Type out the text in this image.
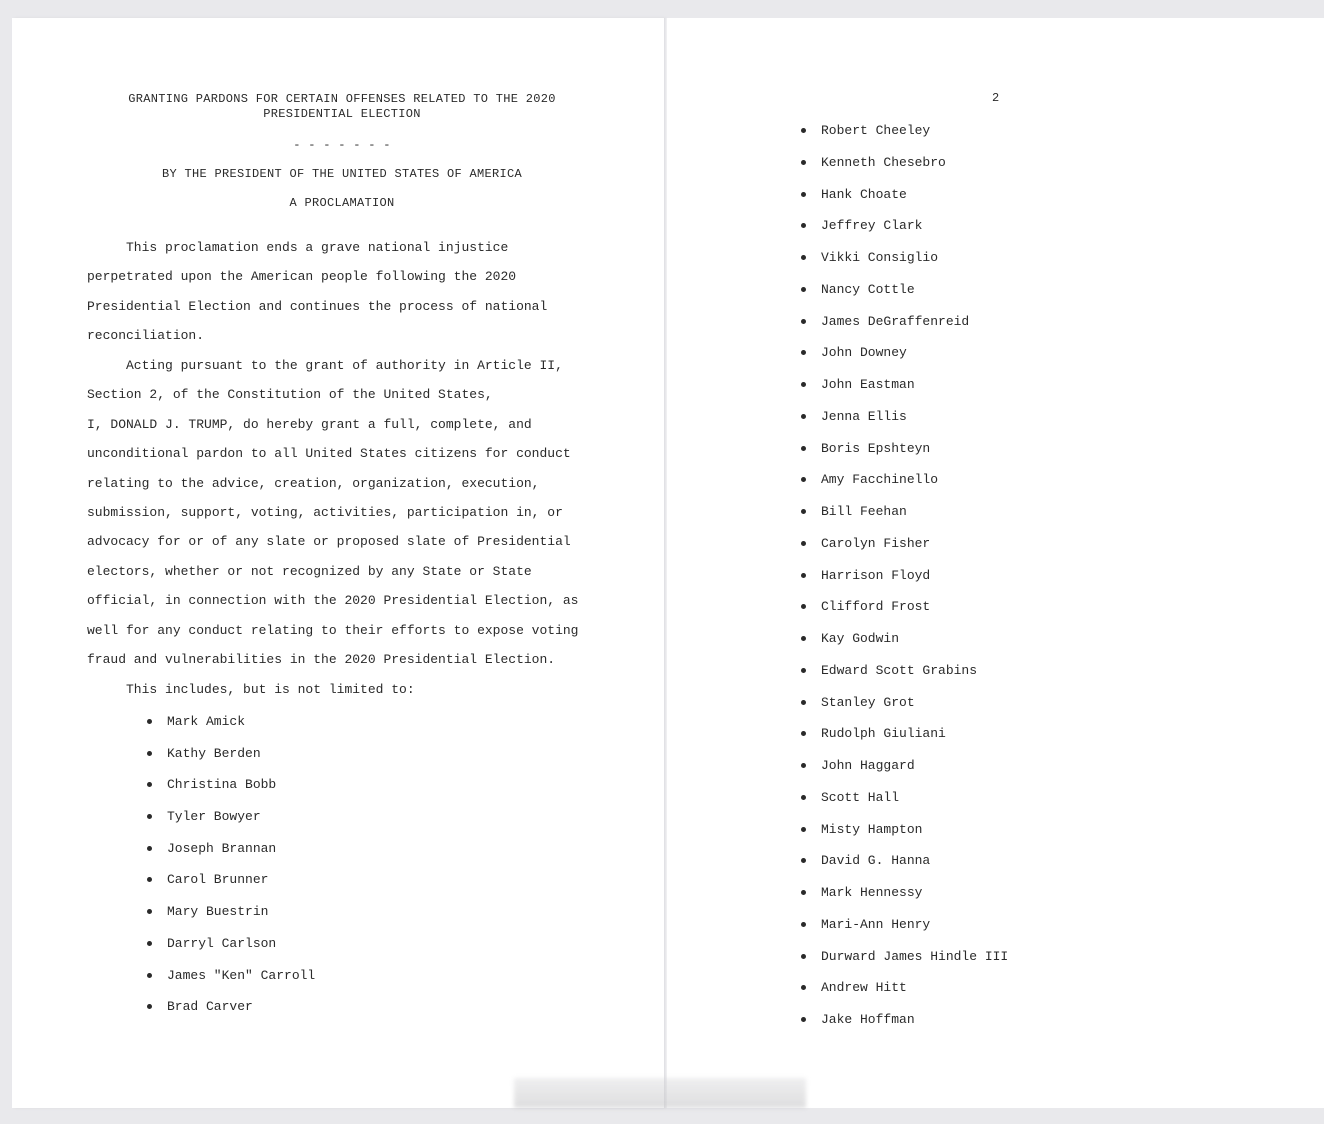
GRANTING PARDONS FOR CERTAIN OFFENSES RELATED TO THE 2020
PRESIDENTIAL ELECTION
- - - - - - -
BY THE PRESIDENT OF THE UNITED STATES OF AMERICA
A PROCLAMATION
This proclamation ends a grave national injustice
perpetrated upon the American people following the 2020
Presidential Election and continues the process of national
reconciliation.
Acting pursuant to the grant of authority in Article II,
Section 2, of the Constitution of the United States,
I, DONALD J. TRUMP, do hereby grant a full, complete, and
unconditional pardon to all United States citizens for conduct
relating to the advice, creation, organization, execution,
submission, support, voting, activities, participation in, or
advocacy for or of any slate or proposed slate of Presidential
electors, whether or not recognized by any State or State
official, in connection with the 2020 Presidential Election, as
well for any conduct relating to their efforts to expose voting
fraud and vulnerabilities in the 2020 Presidential Election.
This includes, but is not limited to:
Mark Amick
Kathy Berden
Christina Bobb
Tyler Bowyer
Joseph Brannan
Carol Brunner
Mary Buestrin
Darryl Carlson
James "Ken" Carroll
Brad Carver
2
Robert Cheeley
Kenneth Chesebro
Hank Choate
Jeffrey Clark
Vikki Consiglio
Nancy Cottle
James DeGraffenreid
John Downey
John Eastman
Jenna Ellis
Boris Epshteyn
Amy Facchinello
Bill Feehan
Carolyn Fisher
Harrison Floyd
Clifford Frost
Kay Godwin
Edward Scott Grabins
Stanley Grot
Rudolph Giuliani
John Haggard
Scott Hall
Misty Hampton
David G. Hanna
Mark Hennessy
Mari-Ann Henry
Durward James Hindle III
Andrew Hitt
Jake Hoffman
